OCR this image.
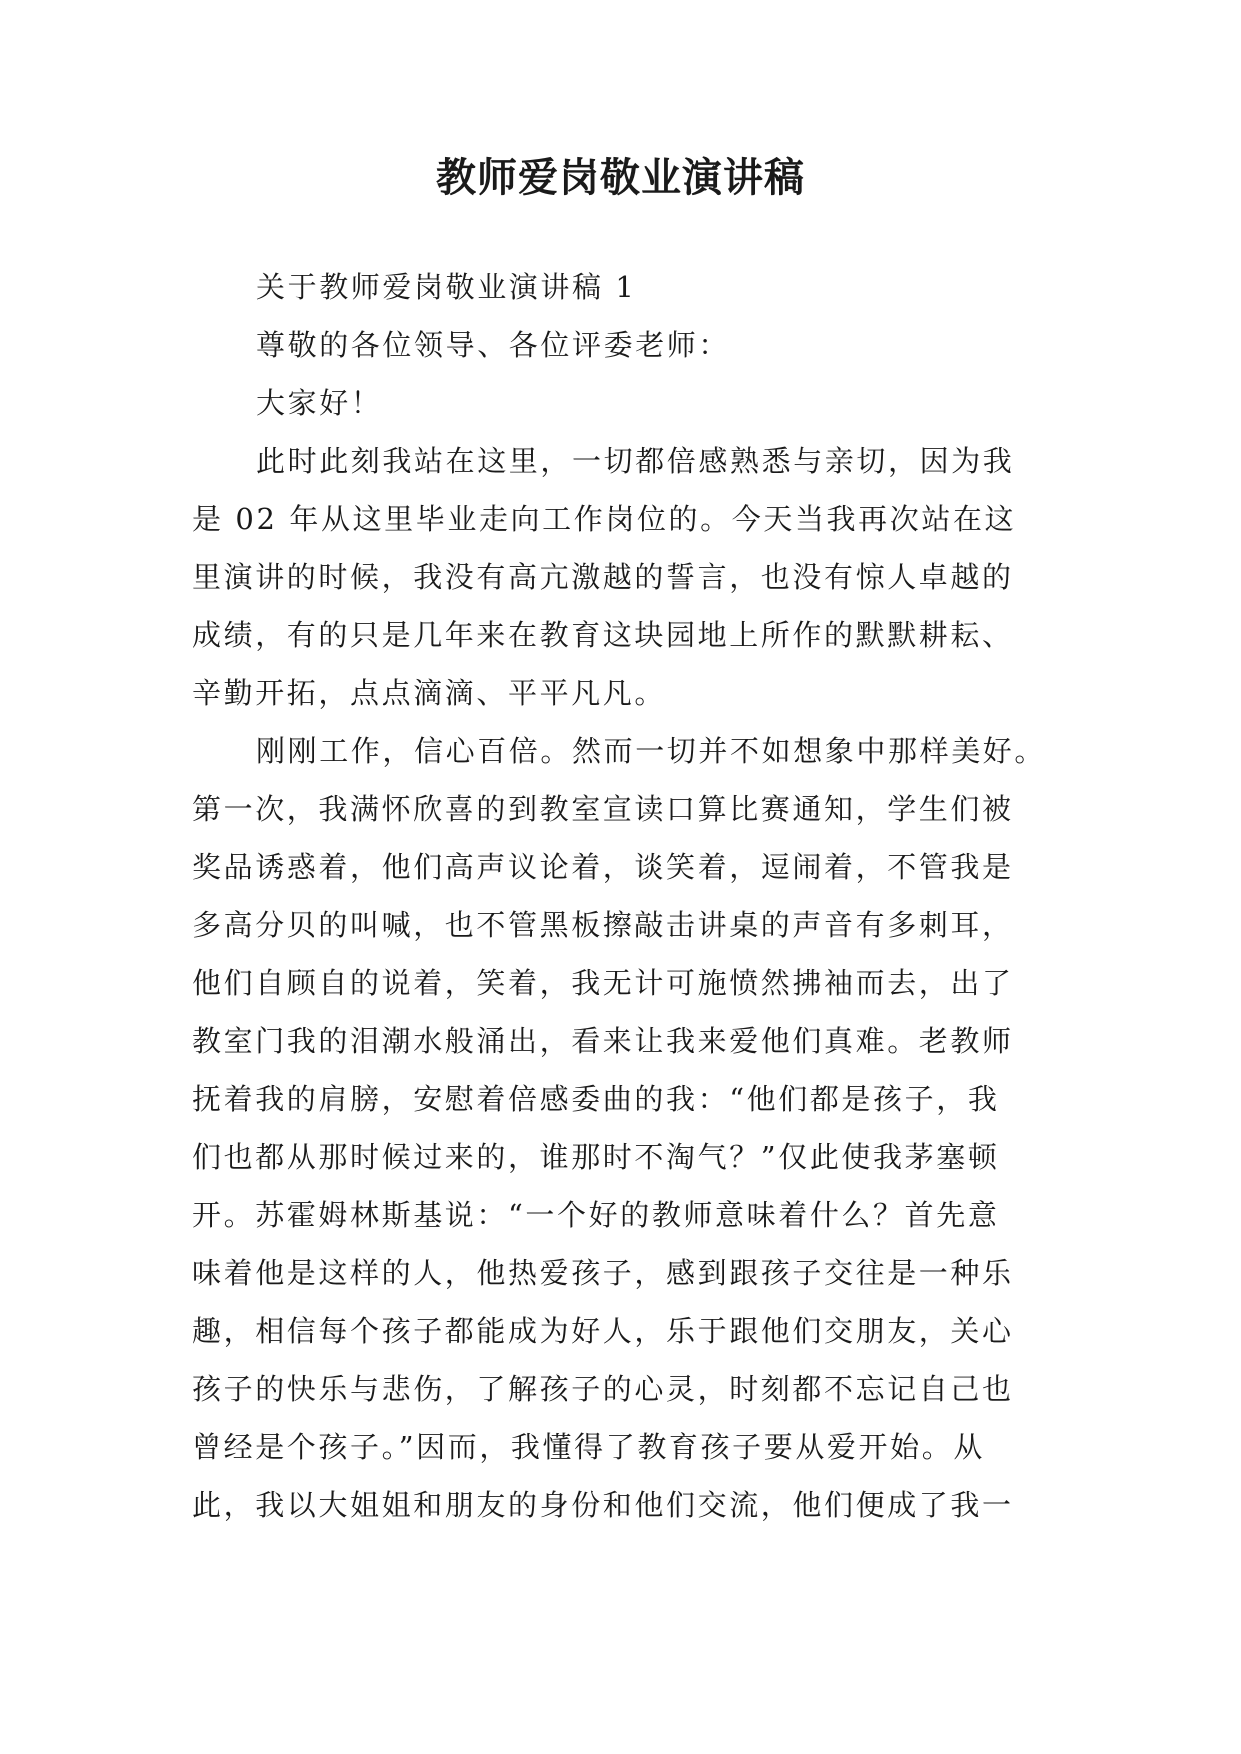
教师爱岗敬业演讲稿
关于教师爱岗敬业演讲稿 1
尊敬的各位领导、各位评委老师：
大家好！
此时此刻我站在这里，一切都倍感熟悉与亲切，因为我
是 02 年从这里毕业走向工作岗位的。今天当我再次站在这
里演讲的时候，我没有高亢激越的誓言，也没有惊人卓越的
成绩，有的只是几年来在教育这块园地上所作的默默耕耘、
辛勤开拓，点点滴滴、平平凡凡。
刚刚工作，信心百倍。然而一切并不如想象中那样美好。
第一次，我满怀欣喜的到教室宣读口算比赛通知，学生们被
奖品诱惑着，他们高声议论着，谈笑着，逗闹着，不管我是
多高分贝的叫喊，也不管黑板擦敲击讲桌的声音有多刺耳，
他们自顾自的说着，笑着，我无计可施愤然拂袖而去，出了
教室门我的泪潮水般涌出，看来让我来爱他们真难。老教师
抚着我的肩膀，安慰着倍感委曲的我：“他们都是孩子，我
们也都从那时候过来的，谁那时不淘气？”仅此使我茅塞顿
开。苏霍姆林斯基说：“一个好的教师意味着什么？首先意
味着他是这样的人，他热爱孩子，感到跟孩子交往是一种乐
趣，相信每个孩子都能成为好人，乐于跟他们交朋友，关心
孩子的快乐与悲伤，了解孩子的心灵，时刻都不忘记自己也
曾经是个孩子。”因而，我懂得了教育孩子要从爱开始。从
此，我以大姐姐和朋友的身份和他们交流，他们便成了我一
